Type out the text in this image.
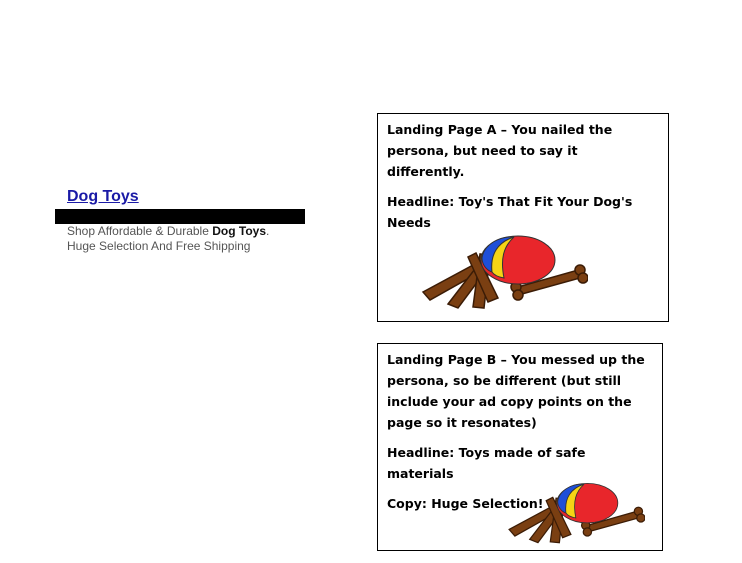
Dog Toys
Shop Affordable & Durable Dog Toys.
Huge Selection And Free Shipping

Landing Page A – You nailed the persona, but need to say it differently.

Headline: Toy's That Fit Your Dog's Needs

Landing Page B – You messed up the persona, so be different (but still include your ad copy points on the page so it resonates)

Headline: Toys made of safe materials

Copy: Huge Selection!
